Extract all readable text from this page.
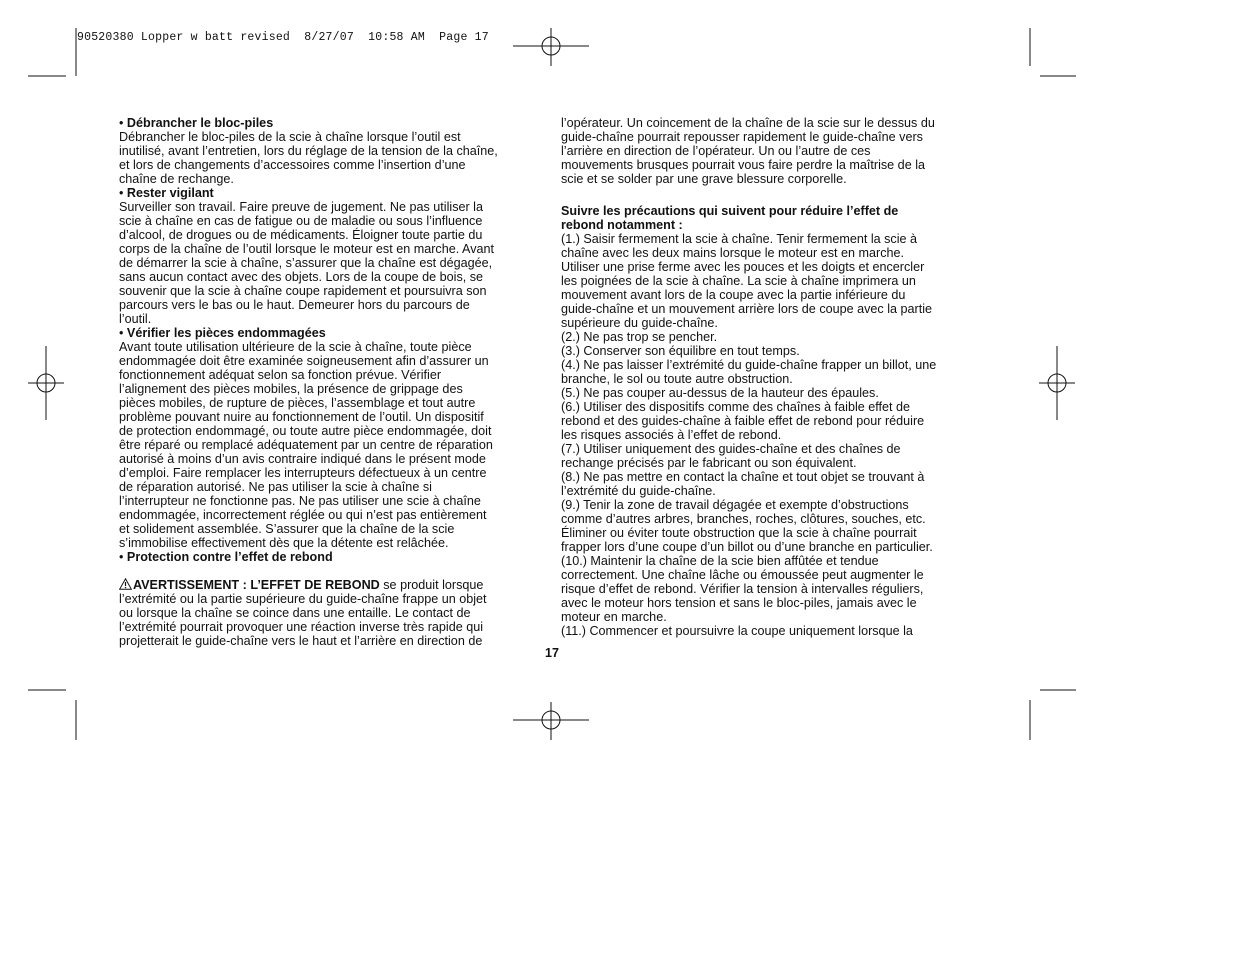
90520380 Lopper w batt revised  8/27/07  10:58 AM  Page 17

• Débrancher le bloc-piles

Débrancher le bloc-piles de la scie à chaîne lorsque l’outil est

inutilisé, avant l’entretien, lors du réglage de la tension de la chaîne,

et lors de changements d’accessoires comme l’insertion d’une

chaîne de rechange.

• Rester vigilant

Surveiller son travail. Faire preuve de jugement. Ne pas utiliser la

scie à chaîne en cas de fatigue ou de maladie ou sous l’influence

d’alcool, de drogues ou de médicaments. Éloigner toute partie du

corps de la chaîne de l’outil lorsque le moteur est en marche. Avant

de démarrer la scie à chaîne, s’assurer que la chaîne est dégagée,

sans aucun contact avec des objets. Lors de la coupe de bois, se

souvenir que la scie à chaîne coupe rapidement et poursuivra son

parcours vers le bas ou le haut. Demeurer hors du parcours de

l’outil.

• Vérifier les pièces endommagées

Avant toute utilisation ultérieure de la scie à chaîne, toute pièce

endommagée doit être examinée soigneusement afin d’assurer un

fonctionnement adéquat selon sa fonction prévue. Vérifier

l’alignement des pièces mobiles, la présence de grippage des

pièces mobiles, de rupture de pièces, l’assemblage et tout autre

problème pouvant nuire au fonctionnement de l’outil. Un dispositif

de protection endommagé, ou toute autre pièce endommagée, doit

être réparé ou remplacé adéquatement par un centre de réparation

autorisé à moins d’un avis contraire indiqué dans le présent mode

d’emploi. Faire remplacer les interrupteurs défectueux à un centre

de réparation autorisé. Ne pas utiliser la scie à chaîne si

l’interrupteur ne fonctionne pas. Ne pas utiliser une scie à chaîne

endommagée, incorrectement réglée ou qui n’est pas entièrement

et solidement assemblée. S’assurer que la chaîne de la scie

s’immobilise effectivement dès que la détente est relâchée.

• Protection contre l’effet de rebond

AVERTISSEMENT : L’EFFET DE REBOND se produit lorsque

l’extrémité ou la partie supérieure du guide-chaîne frappe un objet

ou lorsque la chaîne se coince dans une entaille. Le contact de

l’extrémité pourrait provoquer une réaction inverse très rapide qui

projetterait le guide-chaîne vers le haut et l’arrière en direction de

l’opérateur. Un coincement de la chaîne de la scie sur le dessus du

guide-chaîne pourrait repousser rapidement le guide-chaîne vers

l’arrière en direction de l’opérateur. Un ou l’autre de ces

mouvements brusques pourrait vous faire perdre la maîtrise de la

scie et se solder par une grave blessure corporelle.

Suivre les précautions qui suivent pour réduire l’effet de

rebond notamment :

(1.) Saisir fermement la scie à chaîne. Tenir fermement la scie à

chaîne avec les deux mains lorsque le moteur est en marche.

Utiliser une prise ferme avec les pouces et les doigts et encercler

les poignées de la scie à chaîne. La scie à chaîne imprimera un

mouvement avant lors de la coupe avec la partie inférieure du

guide-chaîne et un mouvement arrière lors de coupe avec la partie

supérieure du guide-chaîne.

(2.) Ne pas trop se pencher.

(3.) Conserver son équilibre en tout temps.

(4.) Ne pas laisser l’extrémité du guide-chaîne frapper un billot, une

branche, le sol ou toute autre obstruction.

(5.) Ne pas couper au-dessus de la hauteur des épaules.

(6.) Utiliser des dispositifs comme des chaînes à faible effet de

rebond et des guides-chaîne à faible effet de rebond pour réduire

les risques associés à l’effet de rebond.

(7.) Utiliser uniquement des guides-chaîne et des chaînes de

rechange précisés par le fabricant ou son équivalent.

(8.) Ne pas mettre en contact la chaîne et tout objet se trouvant à

l’extrémité du guide-chaîne.

(9.) Tenir la zone de travail dégagée et exempte d’obstructions

comme d’autres arbres, branches, roches, clôtures, souches, etc.

Éliminer ou éviter toute obstruction que la scie à chaîne pourrait

frapper lors d’une coupe d’un billot ou d’une branche en particulier.

(10.) Maintenir la chaîne de la scie bien affûtée et tendue

correctement. Une chaîne lâche ou émoussée peut augmenter le

risque d’effet de rebond. Vérifier la tension à intervalles réguliers,

avec le moteur hors tension et sans le bloc-piles, jamais avec le

moteur en marche.

(11.) Commencer et poursuivre la coupe uniquement lorsque la

17
